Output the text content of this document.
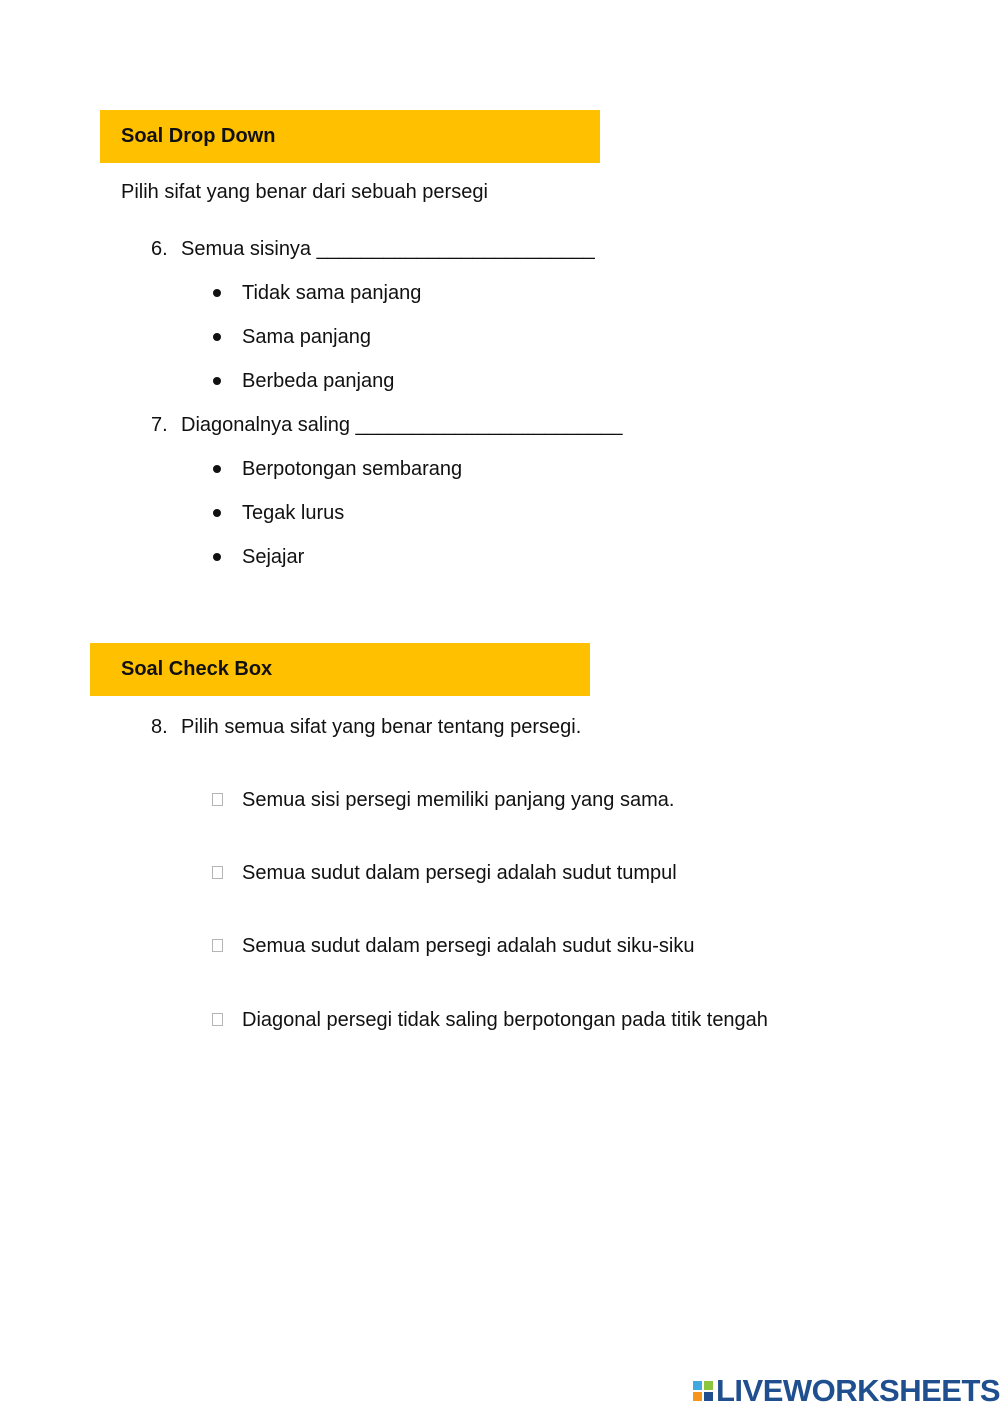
Soal Drop Down
Pilih sifat yang benar dari sebuah persegi
6. Semua sisinya _________________________
Tidak sama panjang
Sama panjang
Berbeda panjang
7. Diagonalnya saling ________________________
Berpotongan sembarang
Tegak lurus
Sejajar
Soal Check Box
8. Pilih semua sifat yang benar tentang persegi.
Semua sisi persegi memiliki panjang yang sama.
Semua sudut dalam persegi adalah sudut tumpul
Semua sudut dalam persegi adalah sudut siku-siku
Diagonal persegi tidak saling berpotongan pada titik tengah
LIVEWORKSHEETS
